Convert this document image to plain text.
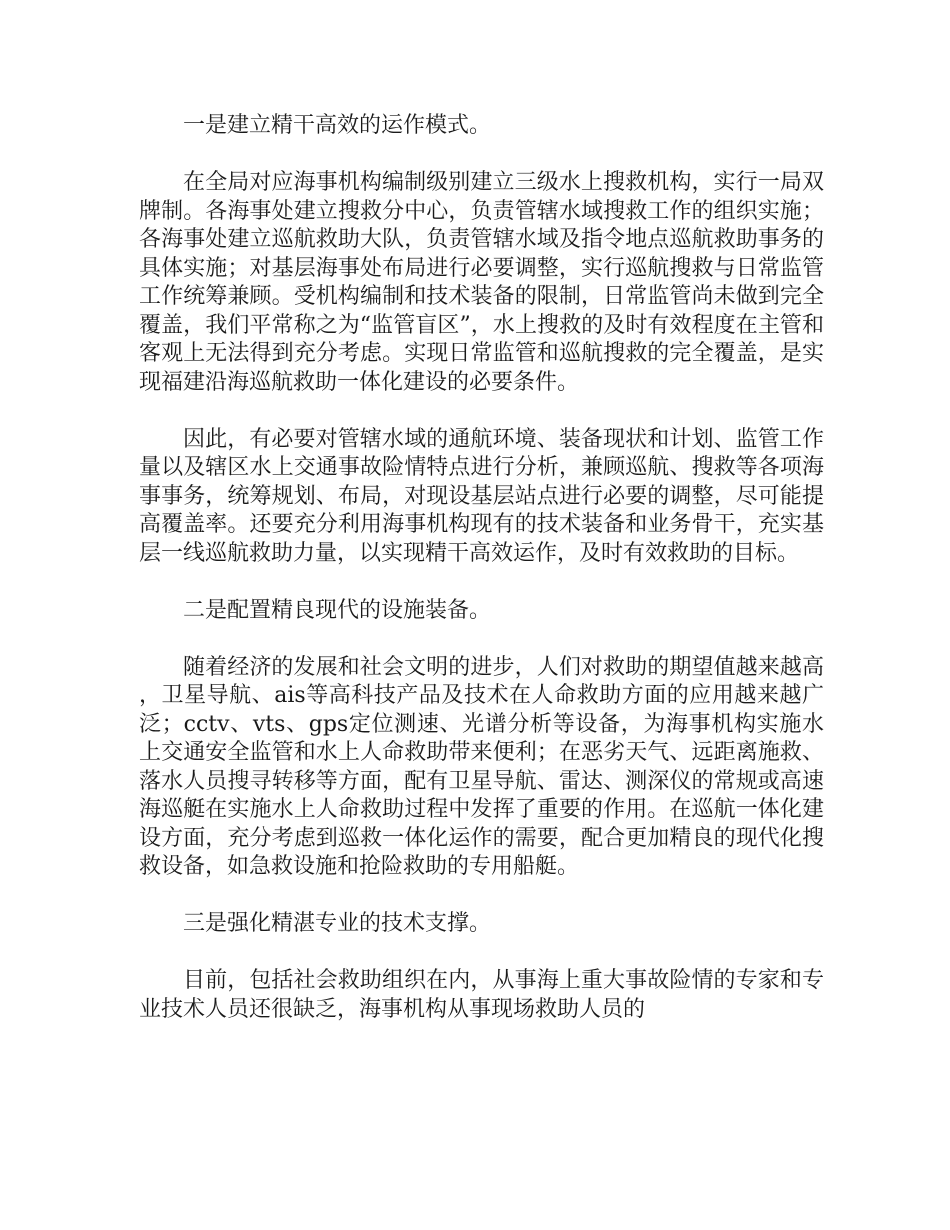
一是建立精干高效的运作模式。

在全局对应海事机构编制级别建立三级水上搜救机构，实行一局双牌制。各海事处建立搜救分中心，负责管辖水域搜救工作的组织实施；各海事处建立巡航救助大队，负责管辖水域及指令地点巡航救助事务的具体实施；对基层海事处布局进行必要调整，实行巡航搜救与日常监管工作统筹兼顾。受机构编制和技术装备的限制，日常监管尚未做到完全覆盖，我们平常称之为“监管盲区”，水上搜救的及时有效程度在主管和客观上无法得到充分考虑。实现日常监管和巡航搜救的完全覆盖，是实现福建沿海巡航救助一体化建设的必要条件。

因此，有必要对管辖水域的通航环境、装备现状和计划、监管工作量以及辖区水上交通事故险情特点进行分析，兼顾巡航、搜救等各项海事事务，统筹规划、布局，对现设基层站点进行必要的调整，尽可能提高覆盖率。还要充分利用海事机构现有的技术装备和业务骨干，充实基层一线巡航救助力量，以实现精干高效运作，及时有效救助的目标。

二是配置精良现代的设施装备。

随着经济的发展和社会文明的进步，人们对救助的期望值越来越高，卫星导航、ais等高科技产品及技术在人命救助方面的应用越来越广泛；cctv、vts、gps定位测速、光谱分析等设备，为海事机构实施水上交通安全监管和水上人命救助带来便利；在恶劣天气、远距离施救、落水人员搜寻转移等方面，配有卫星导航、雷达、测深仪的常规或高速海巡艇在实施水上人命救助过程中发挥了重要的作用。在巡航一体化建设方面，充分考虑到巡救一体化运作的需要，配合更加精良的现代化搜救设备，如急救设施和抢险救助的专用船艇。

三是强化精湛专业的技术支撑。

目前，包括社会救助组织在内，从事海上重大事故险情的专家和专业技术人员还很缺乏，海事机构从事现场救助人员的
